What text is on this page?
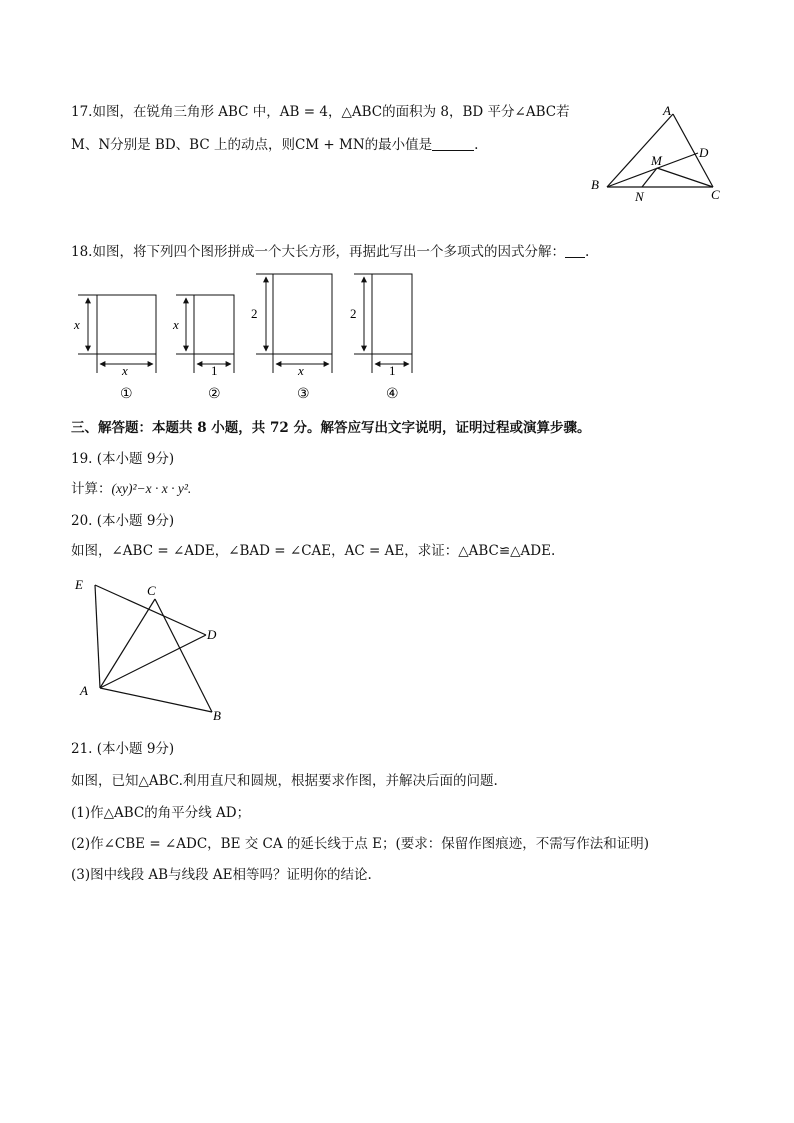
17.如图，在锐角三角形 ABC 中，AB = 4，△ABC的面积为 8，BD 平分∠ABC若
M、N分别是 BD、BC 上的动点，则CM + MN的最小值是	.
A
B
C
D
M
N
18.如图，将下列四个图形拼成一个大长方形，再据此写出一个多项式的因式分解： .
x
x
①
x
1
②
2
x
③
2
1
④
三、解答题：本题共 8 小题，共 72 分。解答应写出文字说明，证明过程或演算步骤。
19. (本小题 9分)
计算：(xy)²−x · x · y².
20. (本小题 9分)
如图，∠ABC = ∠ADE，∠BAD = ∠CAE，AC = AE，求证：△ABC≌△ADE.
E	C
D
A
B
21. (本小题 9分)
如图，已知△ABC.利用直尺和圆规，根据要求作图，并解决后面的问题.
(1)作△ABC的角平分线 AD；
(2)作∠CBE = ∠ADC，BE 交 CA 的延长线于点 E；(要求：保留作图痕迹，不需写作法和证明)
(3)图中线段 AB与线段 AE相等吗？证明你的结论.
